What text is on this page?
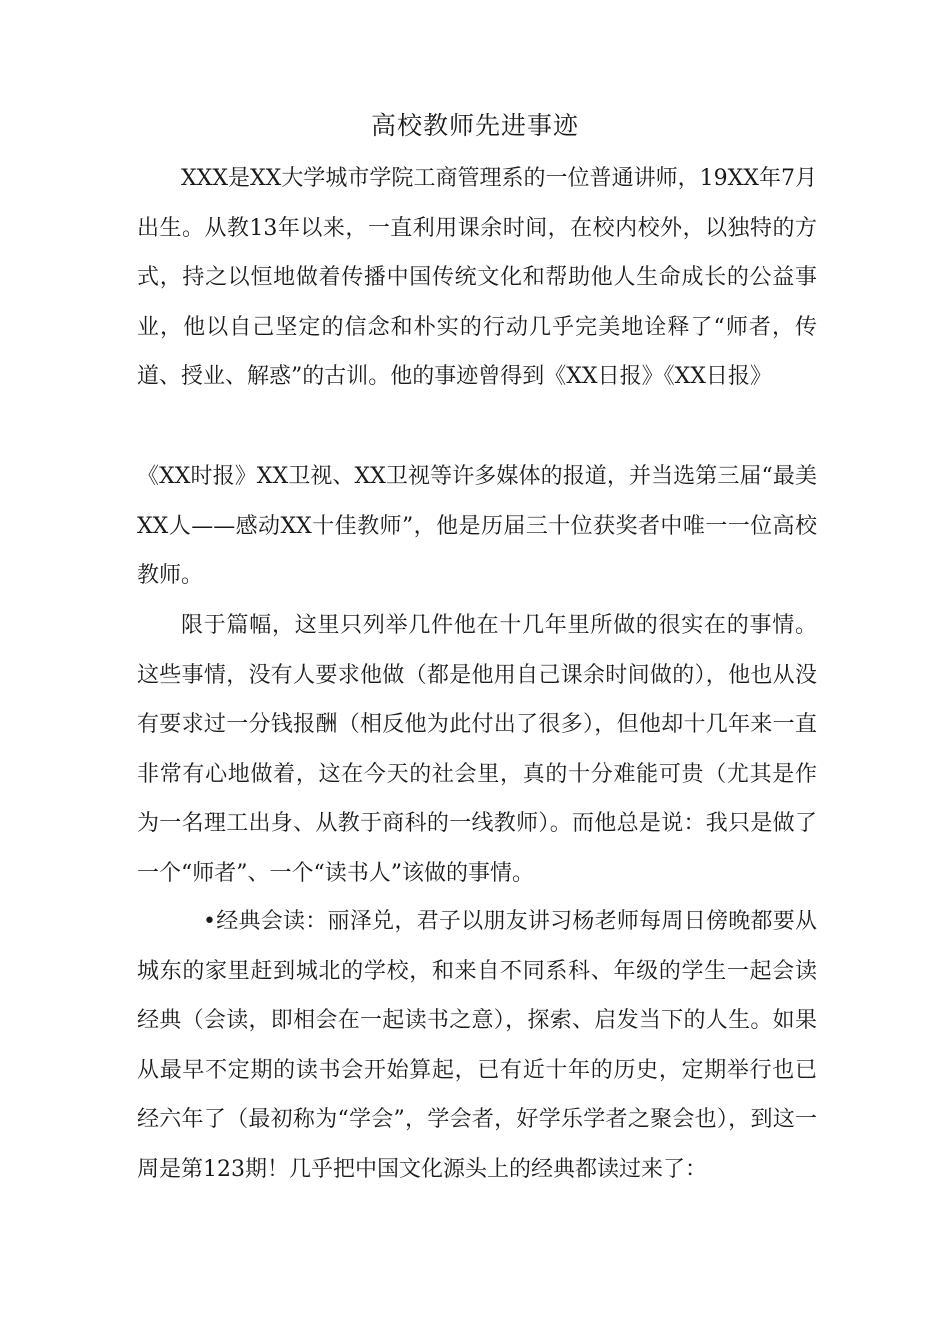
高校教师先进事迹

XXX是XX大学城市学院工商管理系的一位普通讲师，19XX年7月出生。从教13年以来，一直利用课余时间，在校内校外，以独特的方式，持之以恒地做着传播中国传统文化和帮助他人生命成长的公益事业，他以自己坚定的信念和朴实的行动几乎完美地诠释了“师者，传道、授业、解惑”的古训。他的事迹曾得到《XX日报》《XX日报》

《XX时报》XX卫视、XX卫视等许多媒体的报道，并当选第三届“最美XX人——感动XX十佳教师”，他是历届三十位获奖者中唯一一位高校教师。

限于篇幅，这里只列举几件他在十几年里所做的很实在的事情。这些事情，没有人要求他做（都是他用自己课余时间做的），他也从没有要求过一分钱报酬（相反他为此付出了很多），但他却十几年来一直非常有心地做着，这在今天的社会里，真的十分难能可贵（尤其是作为一名理工出身、从教于商科的一线教师）。而他总是说：我只是做了一个“师者”、一个“读书人”该做的事情。

•经典会读：丽泽兑，君子以朋友讲习杨老师每周日傍晚都要从城东的家里赶到城北的学校，和来自不同系科、年级的学生一起会读经典（会读，即相会在一起读书之意），探索、启发当下的人生。如果从最早不定期的读书会开始算起，已有近十年的历史，定期举行也已经六年了（最初称为“学会”，学会者，好学乐学者之聚会也），到这一周是第123期！几乎把中国文化源头上的经典都读过来了：
